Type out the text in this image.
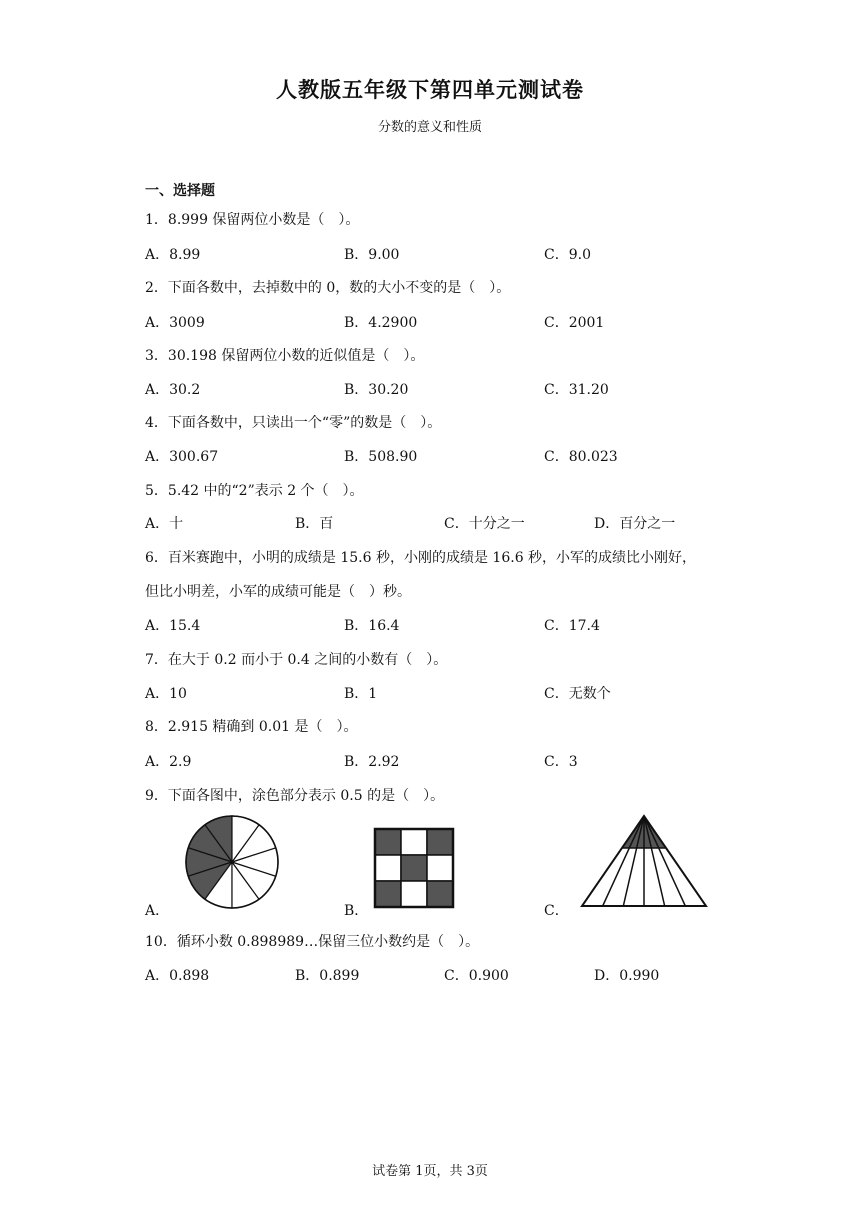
人教版五年级下第四单元测试卷
分数的意义和性质
一、选择题
1．8.999 保留两位小数是（　）。
A．8.99	B．9.00	C．9.0
2．下面各数中，去掉数中的 0，数的大小不变的是（　）。
A．3009	B．4.2900	C．2001
3．30.198 保留两位小数的近似值是（　）。
A．30.2	B．30.20	C．31.20
4．下面各数中，只读出一个“零”的数是（　）。
A．300.67	B．508.90	C．80.023
5．5.42 中的“2”表示 2 个（　）。
A．十	B．百	C．十分之一	D．百分之一
6．百米赛跑中，小明的成绩是 15.6 秒，小刚的成绩是 16.6 秒，小军的成绩比小刚好，
但比小明差，小军的成绩可能是（　）秒。
A．15.4	B．16.4	C．17.4
7．在大于 0.2 而小于 0.4 之间的小数有（　）。
A．10	B．1	C．无数个
8．2.915 精确到 0.01 是（　）。
A．2.9	B．2.92	C．3
9．下面各图中，涂色部分表示 0.5 的是（　）。
A．	B．	C．
10．循环小数 0.898989…保留三位小数约是（　）。
A．0.898	B．0.899	C．0.900	D．0.990
试卷第 1页，共 3页
